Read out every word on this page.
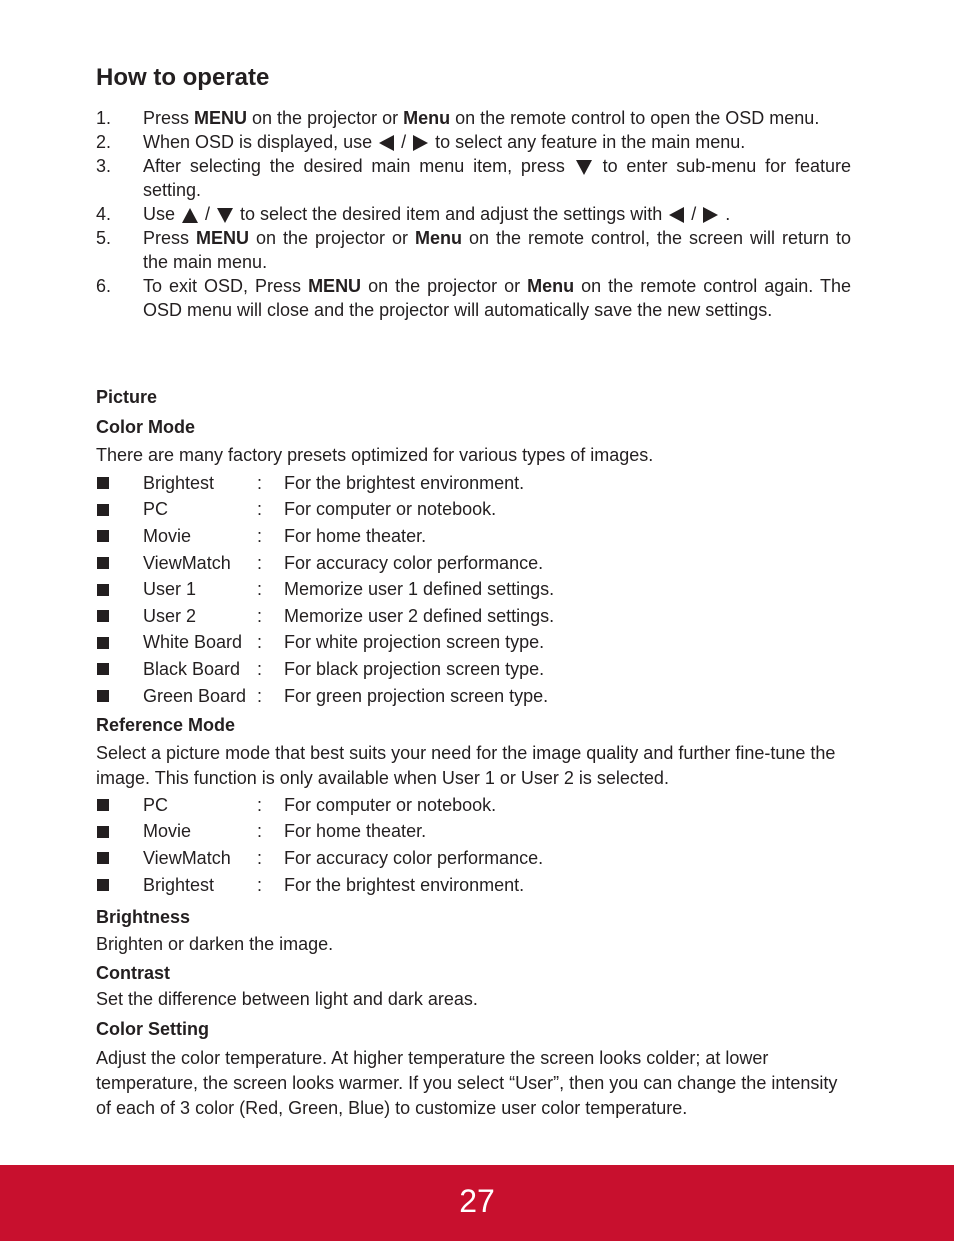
How to operate
1.	Press MENU on the projector or Menu on the remote control to open the OSD menu.
2.	When OSD is displayed, use  /  to select any feature in the main menu.
3.	After selecting the desired main menu item, press  to enter sub-menu for feature setting.
4.	Use  /  to select the desired item and adjust the settings with  /  .
5.	Press MENU on the projector or Menu on the remote control, the screen will return to the main menu.
6.	To exit OSD, Press MENU on the projector or Menu on the remote control again. The OSD menu will close and the projector will automatically save the new settings.

Picture

Color Mode

There are many factory presets optimized for various types of images.

Brightest	:	For the brightest environment.
PC	:	For computer or notebook.
Movie	:	For home theater.
ViewMatch	:	For accuracy color performance.
User 1	:	Memorize user 1 defined settings.
User 2	:	Memorize user 2 defined settings.
White Board :	For white projection screen type.
Black Board :	For black projection screen type.
Green Board :	For green projection screen type.

Reference Mode

Select a picture mode that best suits your need for the image quality and further fine-tune the image. This function is only available when User 1 or User 2 is selected.

PC	:	For computer or notebook.
Movie	:	For home theater.
ViewMatch	:	For accuracy color performance.
Brightest	:	For the brightest environment.

Brightness

Brighten or darken the image.

Contrast

Set the difference between light and dark areas.

Color Setting

Adjust the color temperature. At higher temperature the screen looks colder; at lower temperature, the screen looks warmer. If you select “User”, then you can change the intensity of each of 3 color (Red, Green, Blue) to customize user color temperature.

27
